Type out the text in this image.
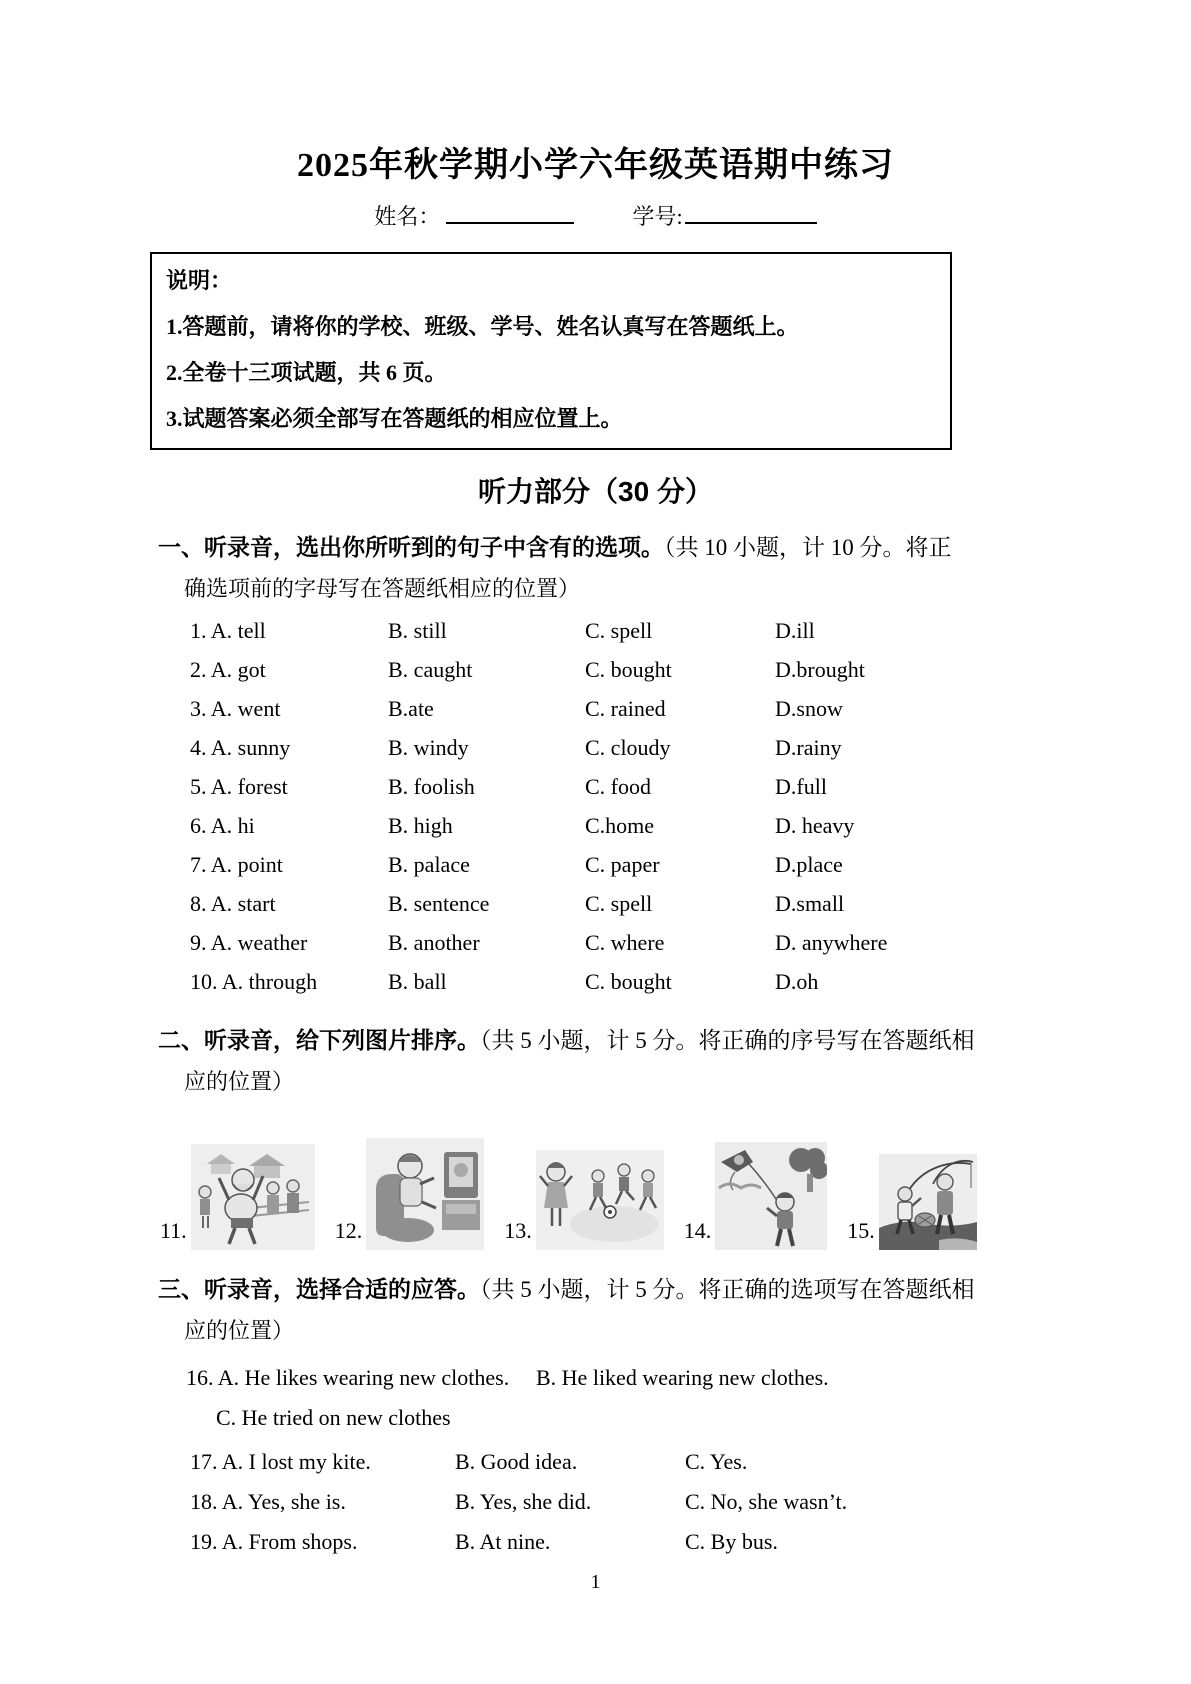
2025年秋学期小学六年级英语期中练习
姓名：	学号:

说明：

1.答题前，请将你的学校、班级、学号、姓名认真写在答题纸上。

2.全卷十三项试题，共 6 页。

3.试题答案必须全部写在答题纸的相应位置上。

听力部分（30 分）

一、听录音，选出你所听到的句子中含有的选项。（共 10 小题，计 10 分。将正

确选项前的字母写在答题纸相应的位置）

1. A. tell	B. still	C. spell	D.ill
2. A. got	B. caught	C. bought	D.brought
3. A. went	B.ate	C. rained	D.snow
4. A. sunny	B. windy	C. cloudy	D.rainy
5. A. forest	B. foolish	C. food	D.full
6. A. hi	B. high	C.home	D. heavy
7. A. point	B. palace	C. paper	D.place
8. A. start	B. sentence	C. spell	D.small
9. A. weather	B. another	C. where	D. anywhere
10. A. through	B. ball	C. bought	D.oh

二、听录音，给下列图片排序。（共 5 小题，计 5 分。将正确的序号写在答题纸相

应的位置）

11.	12.	13.	14.	15.

三、听录音，选择合适的应答。（共 5 小题，计 5 分。将正确的选项写在答题纸相

应的位置）

16. A. He likes wearing new clothes.	B. He liked wearing new clothes.

C. He tried on new clothes

17. A. I lost my kite.	B. Good idea.	C. Yes.
18. A. Yes, she is.	B. Yes, she did.	C. No, she wasn’t.
19. A. From shops.	B. At nine.	C. By bus.
1
